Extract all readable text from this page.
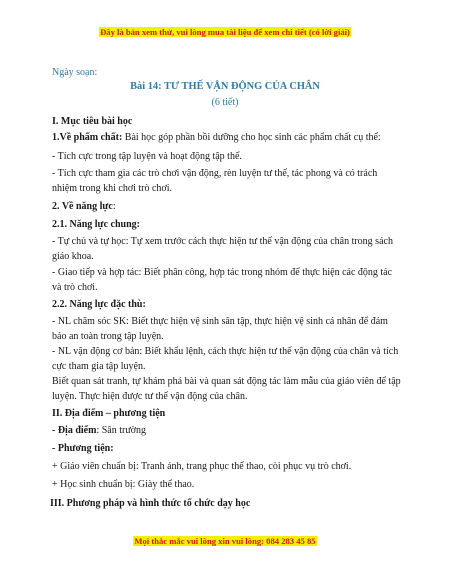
Đây là bản xem thử, vui lòng mua tài liệu để xem chi tiết (có lời giải)
Ngày soạn:
Bài 14: TƯ THẾ VẬN ĐỘNG CỦA CHÂN
(6 tiết)
I. Mục tiêu bài học
1.Về phẩm chất: Bài học góp phần bồi dưỡng cho học sinh các phẩm chất cụ thể:
- Tích cực trong tập luyện và hoạt động tập thể.
- Tích cực tham gia các trò chơi vận động, rèn luyện tư thế, tác phong và có trách nhiệm trong khi chơi trò chơi.
2. Về năng lực:
2.1. Năng lực chung:
- Tự chủ và tự học: Tự xem trước cách thực hiện tư thế vận động của chân trong sách giáo khoa.
- Giao tiếp và hợp tác: Biết phân công, hợp tác trong nhóm để thực hiện các động tác và trò chơi.
2.2. Năng lực đặc thù:
- NL chăm sóc SK: Biết thực hiện vệ sinh sân tập, thực hiện vệ sinh cá nhân để đảm bảo an toàn trong tập luyện.
- NL vận động cơ bản: Biết khẩu lệnh, cách thực hiện tư thế vận động của chân và tích cực tham gia tập luyện.
Biết quan sát tranh, tự khám phá bài và quan sát động tác làm mẫu của giáo viên để tập luyện. Thực hiện được tư thế vận động của chân.
II. Địa điểm – phương tiện
- Địa điểm: Sân trường
- Phương tiện:
+ Giáo viên chuẩn bị: Tranh ảnh, trang phục thể thao, còi phục vụ trò chơi.
+ Học sinh chuẩn bị: Giày thể thao.
III. Phương pháp và hình thức tổ chức dạy học
Mọi thắc mắc vui lòng xin vui lòng: 084 283 45 85
